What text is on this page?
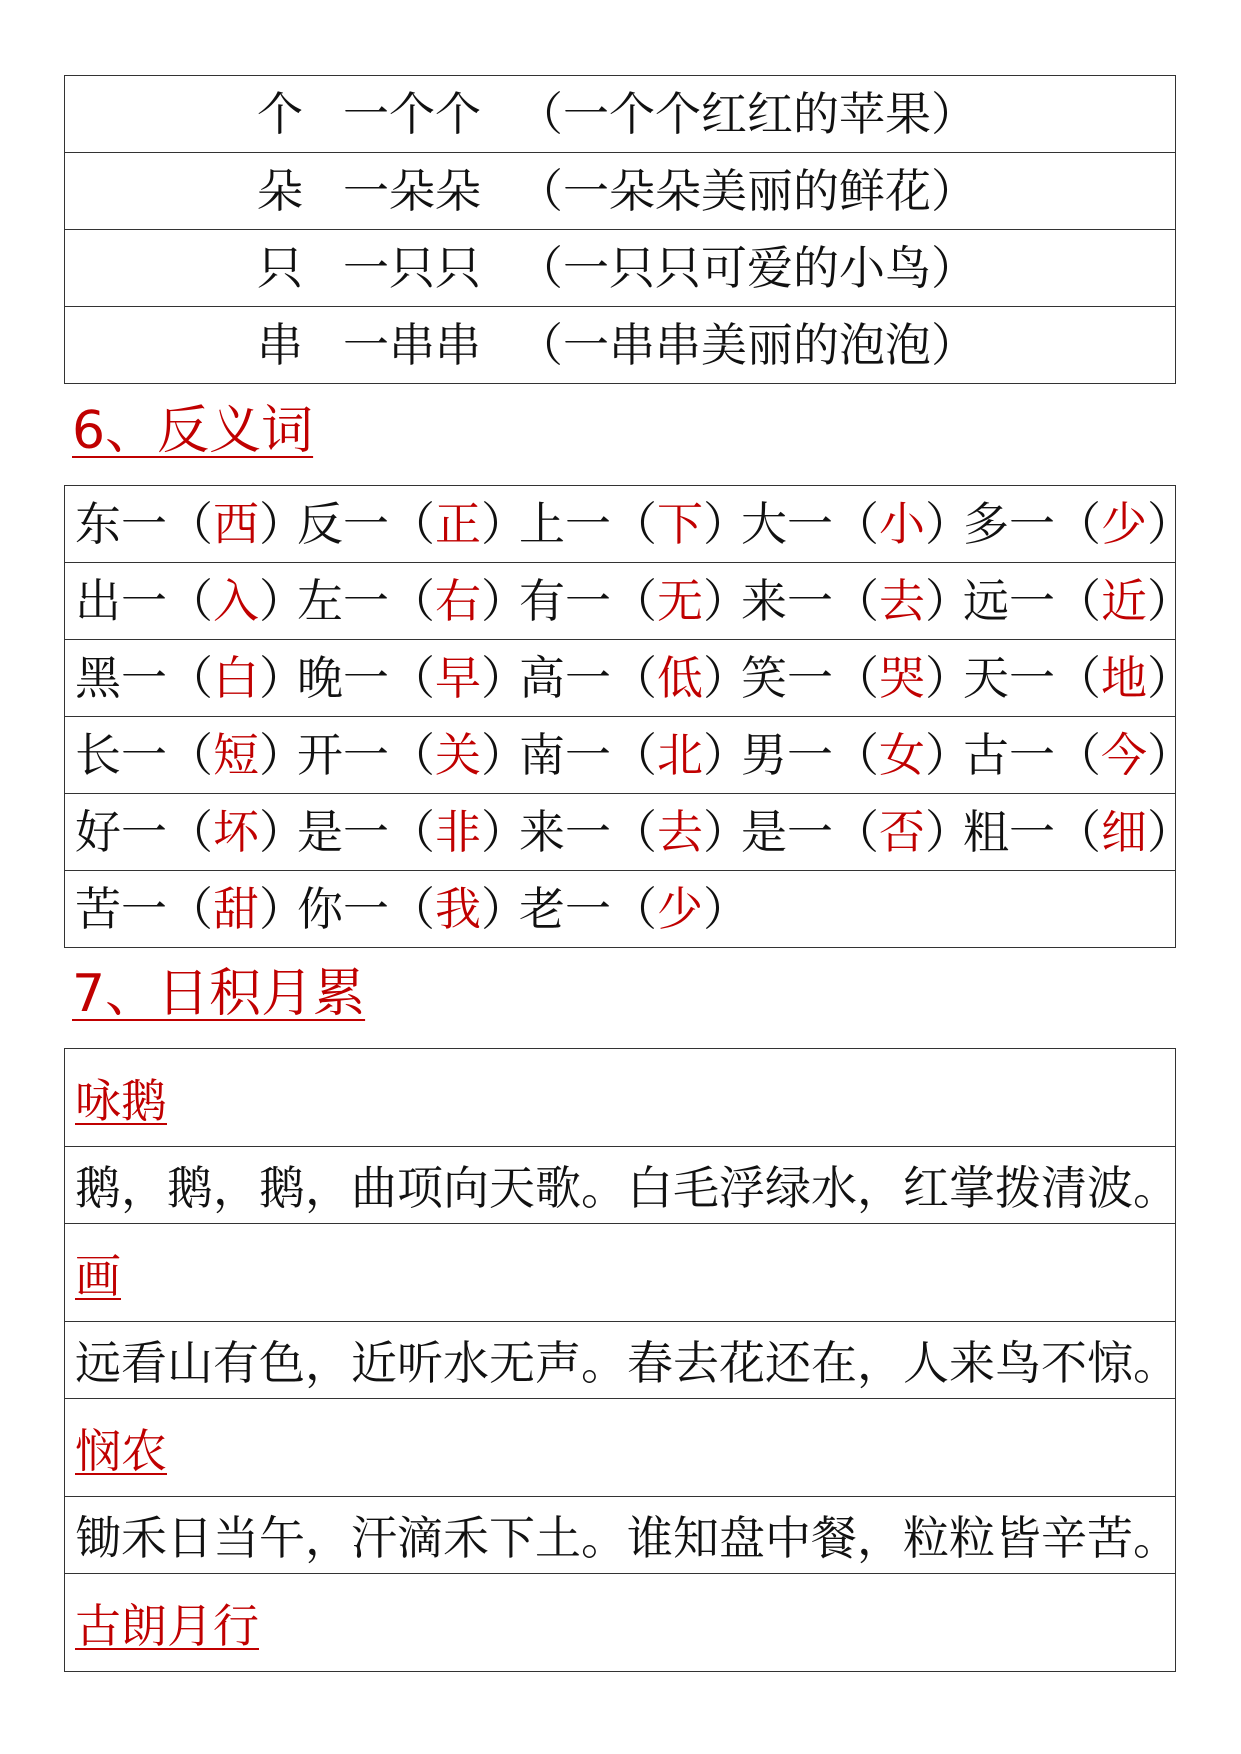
个 一个个 （一个个红红的苹果）

朵 一朵朵 （一朵朵美丽的鲜花）

只 一只只 （一只只可爱的小鸟）

串 一串串 （一串串美丽的泡泡）
6、反义词
东一（西）
反一（正）
上一（下）
大一（小）
多一（少）

出一（入）
左一（右）
有一（无）
来一（去）
远一（近）

黑一（白）
晚一（早）
高一（低）
笑一（哭）
天一（地）

长一（短）
开一（关）
南一（北）
男一（女）
古一（今）

好一（坏）
是一（非）
来一（去）
是一（否）
粗一（细）

苦一（甜）
你一（我）
老一（少）
7、日积月累
咏鹅
鹅，鹅，鹅，曲项向天歌。白毛浮绿水，红掌拨清波。
画
远看山有色，近听水无声。春去花还在，人来鸟不惊。
悯农
锄禾日当午，汗滴禾下土。谁知盘中餐，粒粒皆辛苦。
古朗月行
